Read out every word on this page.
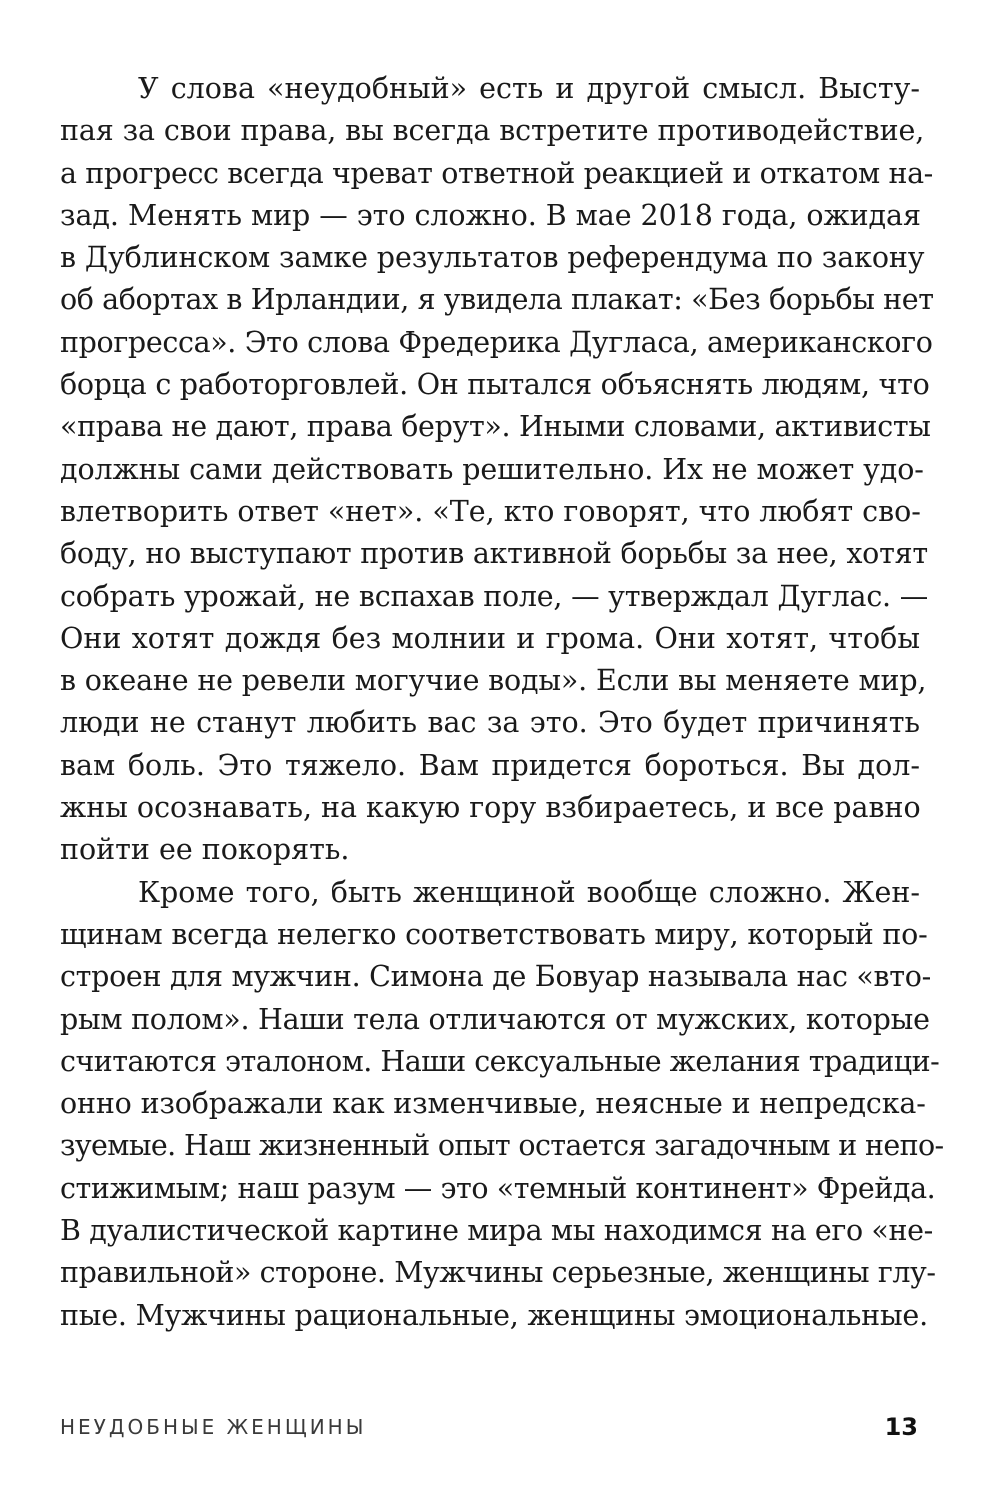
У слова «неудобный» есть и другой смысл. Высту-
пая за свои права, вы всегда встретите противодействие,
а прогресс всегда чреват ответной реакцией и откатом на-
зад. Менять мир — это сложно. В мае 2018 года, ожидая
в Дублинском замке результатов референдума по закону
об абортах в Ирландии, я увидела плакат: «Без борьбы нет
прогресса». Это слова Фредерика Дугласа, американского
борца с работорговлей. Он пытался объяснять людям, что
«права не дают, права берут». Иными словами, активисты
должны сами действовать решительно. Их не может удо-
влетворить ответ «нет». «Те, кто говорят, что любят сво-
боду, но выступают против активной борьбы за нее, хотят
собрать урожай, не вспахав поле, — утверждал Дуглас. —
Они хотят дождя без молнии и грома. Они хотят, чтобы
в океане не ревели могучие воды». Если вы меняете мир,
люди не станут любить вас за это. Это будет причинять
вам боль. Это тяжело. Вам придется бороться. Вы дол-
жны осознавать, на какую гору взбираетесь, и все равно
пойти ее покорять.

Кроме того, быть женщиной вообще сложно. Жен-
щинам всегда нелегко соответствовать миру, который по-
строен для мужчин. Симона де Бовуар называла нас «вто-
рым полом». Наши тела отличаются от мужских, которые
считаются эталоном. Наши сексуальные желания традици-
онно изображали как изменчивые, неясные и непредска-
зуемые. Наш жизненный опыт остается загадочным и непо-
стижимым; наш разум — это «темный континент» Фрейда.
В дуалистической картине мира мы находимся на его «не-
правильной» стороне. Мужчины серьезные, женщины глу-
пые. Мужчины рациональные, женщины эмоциональные.

НЕУДОБНЫЕ ЖЕНЩИНЫ	13
